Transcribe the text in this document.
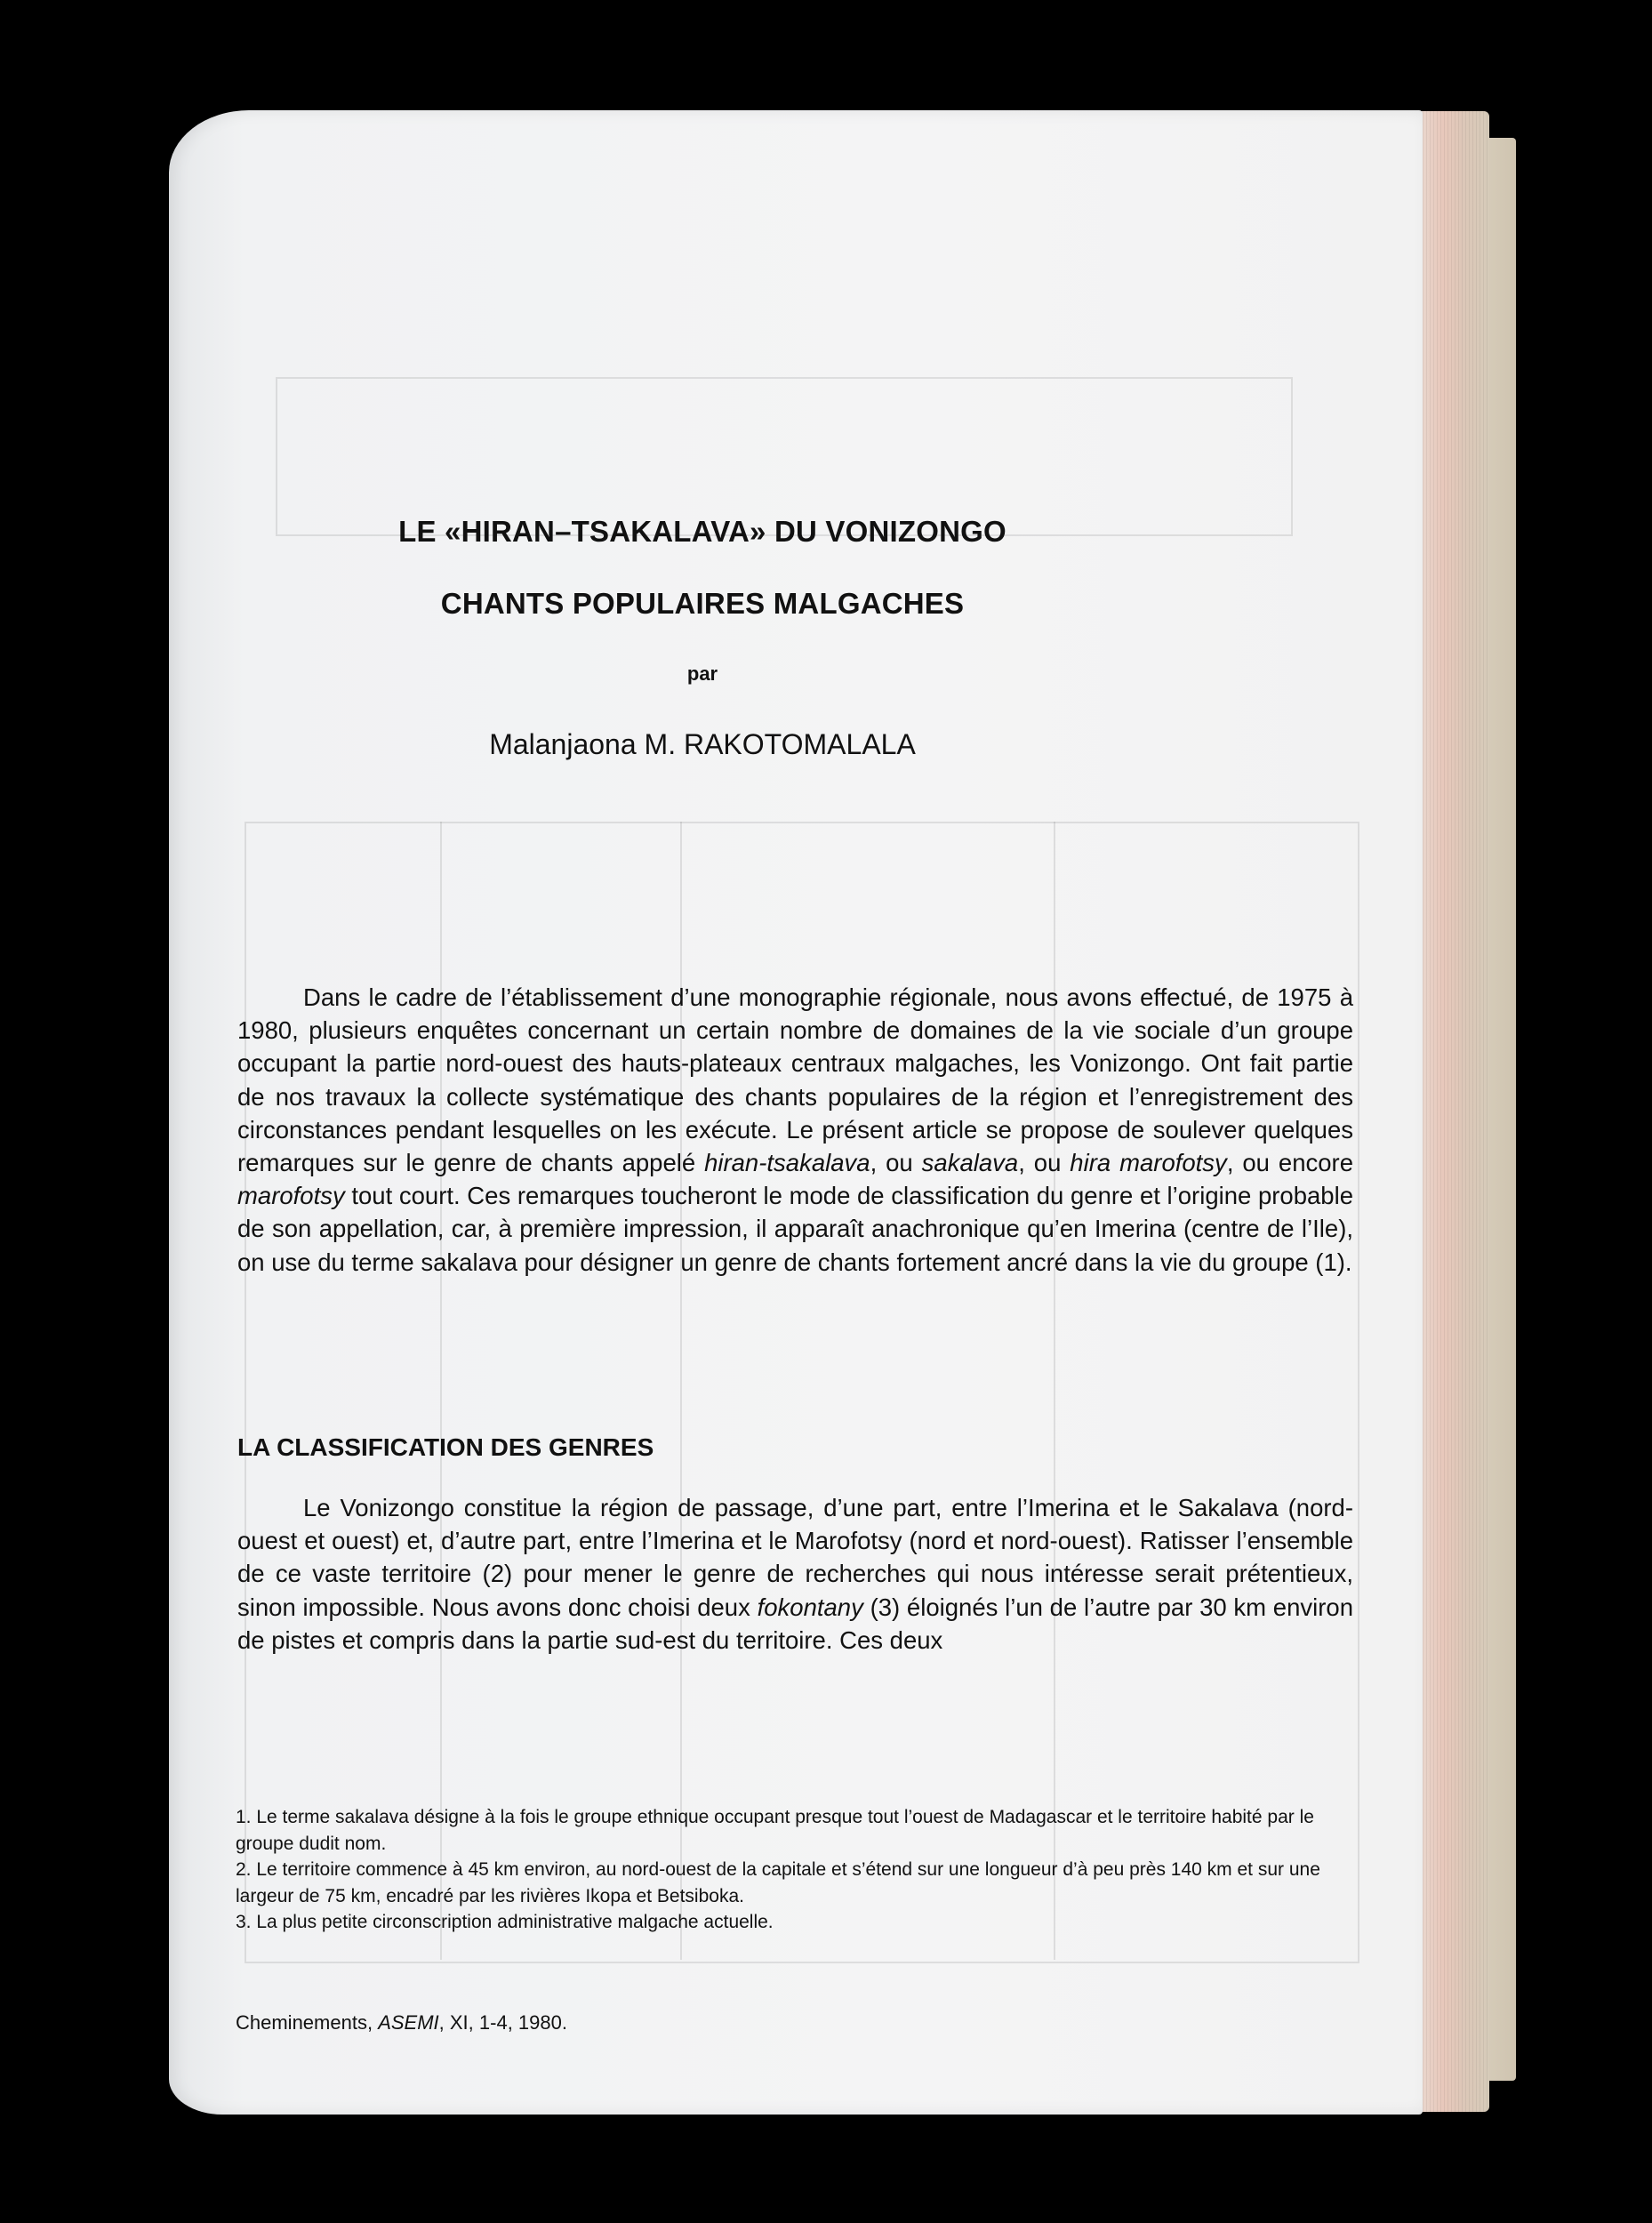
LE «HIRAN–TSAKALAVA» DU VONIZONGO
CHANTS POPULAIRES MALGACHES
par
Malanjaona M. RAKOTOMALALA

Dans le cadre de l’établissement d’une monographie régionale, nous avons effectué, de 1975 à 1980, plusieurs enquêtes concernant un certain nombre de domaines de la vie sociale d’un groupe occupant la partie nord-ouest des hauts-plateaux centraux malgaches, les Vonizongo. Ont fait partie de nos travaux la collecte systématique des chants populaires de la région et l’enregistrement des circonstances pendant lesquelles on les exécute. Le présent article se propose de soulever quelques remarques sur le genre de chants appelé hiran-tsakalava, ou sakalava, ou hira marofotsy, ou encore marofotsy tout court. Ces remarques toucheront le mode de classification du genre et l’origine probable de son appellation, car, à première impression, il apparaît anachronique qu’en Imerina (centre de l’Ile), on use du terme sakalava pour désigner un genre de chants fortement ancré dans la vie du groupe (1).

LA CLASSIFICATION DES GENRES

Le Vonizongo constitue la région de passage, d’une part, entre l’Imerina et le Sakalava (nord-ouest et ouest) et, d’autre part, entre l’Imerina et le Marofotsy (nord et nord-ouest). Ratisser l’ensemble de ce vaste territoire (2) pour mener le genre de recherches qui nous intéresse serait prétentieux, sinon impossible. Nous avons donc choisi deux fokontany (3) éloignés l’un de l’autre par 30 km environ de pistes et compris dans la partie sud-est du territoire. Ces deux

1. Le terme sakalava désigne à la fois le groupe ethnique occupant presque tout l’ouest de Madagascar et le territoire habité par le groupe dudit nom.
2. Le territoire commence à 45 km environ, au nord-ouest de la capitale et s’étend sur une longueur d’à peu près 140 km et sur une largeur de 75 km, encadré par les rivières Ikopa et Betsiboka.
3. La plus petite circonscription administrative malgache actuelle.
Cheminements, ASEMI, XI, 1-4, 1980.
